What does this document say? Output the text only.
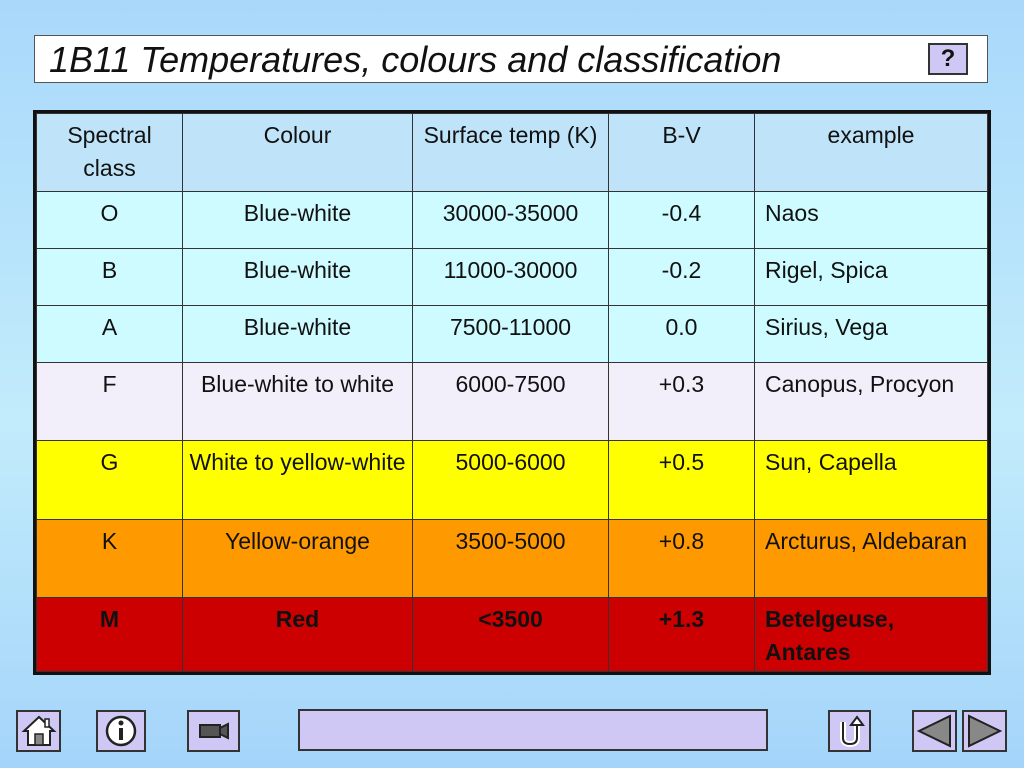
1B11 Temperatures, colours and classification	?
Spectral class	Colour	Surface temp (K)	B-V	example
O	Blue-white	30000-35000	-0.4	Naos
B	Blue-white	11000-30000	-0.2	Rigel, Spica
A	Blue-white	7500-11000	0.0	Sirius, Vega
F	Blue-white to white	6000-7500	+0.3	Canopus, Procyon
G	White to yellow-white	5000-6000	+0.5	Sun, Capella
K	Yellow-orange	3500-5000	+0.8	Arcturus, Aldebaran
M	Red	<3500	+1.3	Betelgeuse, Antares
